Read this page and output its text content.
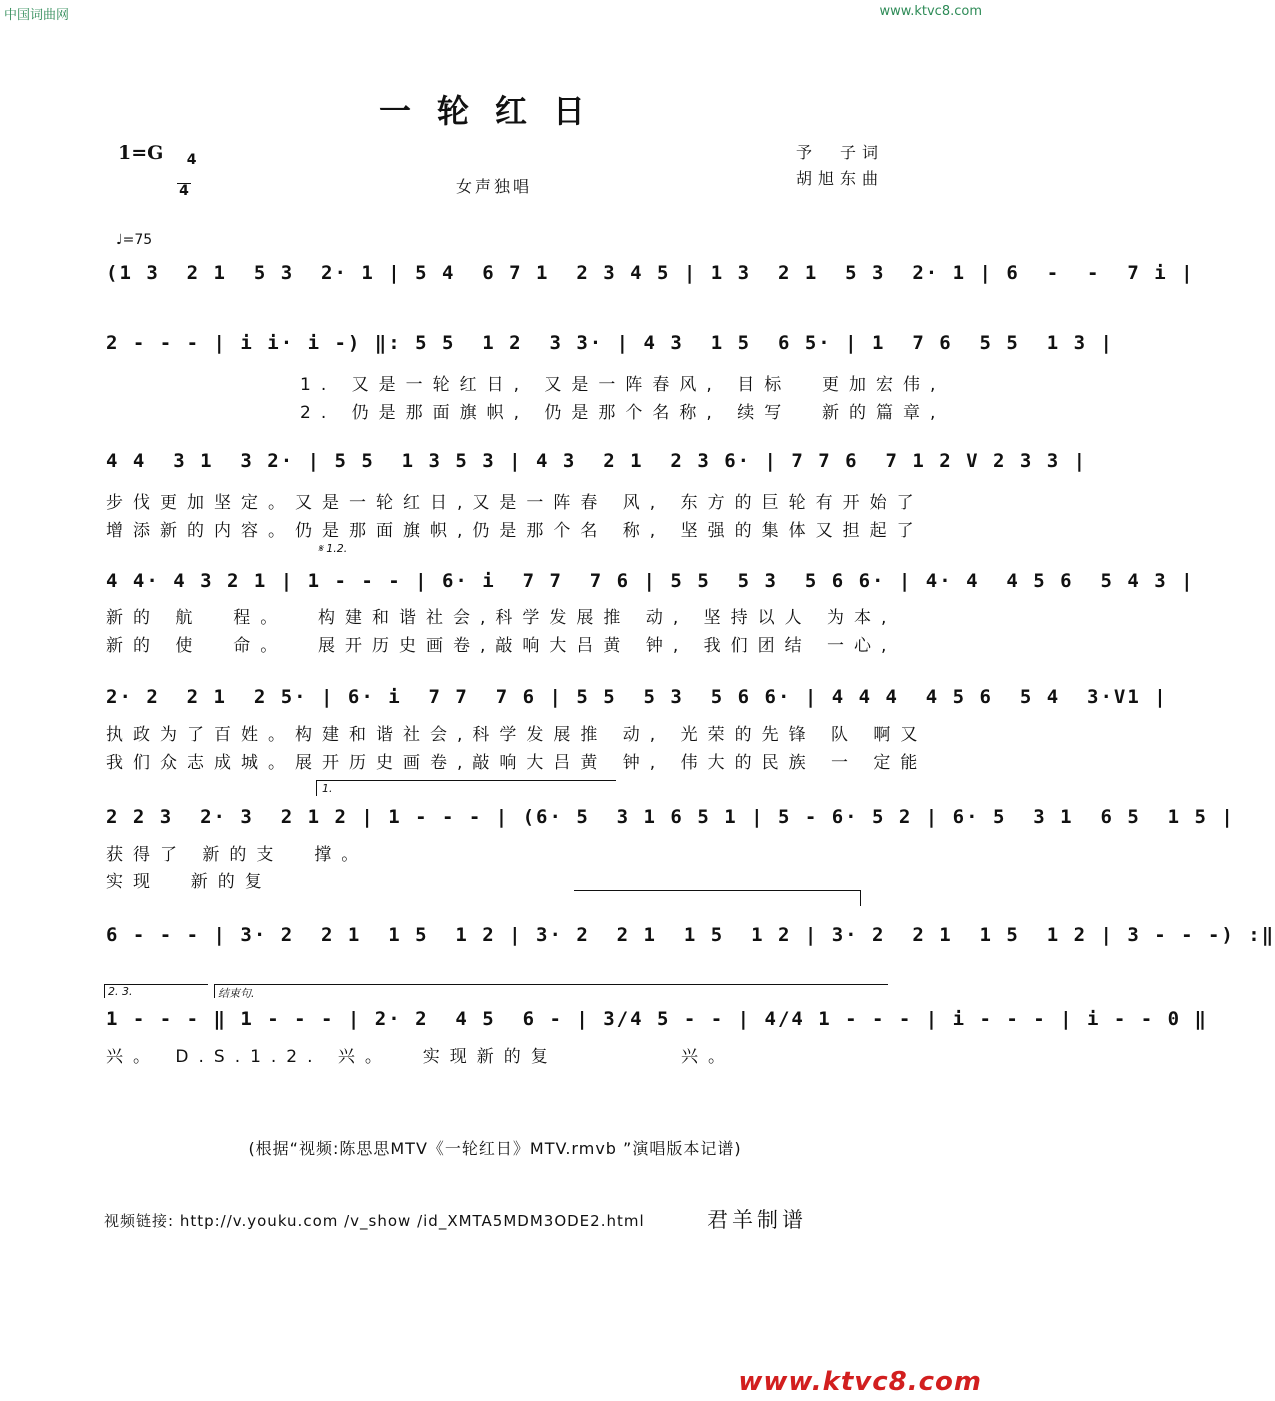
中国词曲网	www.ktvc8.com
一轮红日
1=G	4

4	女声独唱
予　子词
胡旭东曲
♩=75
(1 3  2 1  5 3  2· 1 | 5 4  6 7 1  2 3 4 5 | 1 3  2 1  5 3  2· 1 | 6  -  -  7 i |
2 - - - | i i· i -) ‖: 5 5  1 2  3 3· | 4 3  1 5  6 5· | 1  7 6  5 5  1 3 |
1. 又是一轮红日, 又是一阵春风, 目标  更加宏伟,
2. 仍是那面旗帜, 仍是那个名称, 续写  新的篇章,
4 4  3 1  3 2· | 5 5  1 3 5 3 | 4 3  2 1  2 3 6· | 7 7 6  7 1 2 V 2 3 3 |
步伐更加坚定。又是一轮红日,又是一阵春 风, 东方的巨轮有开始了
增添新的内容。仍是那面旗帜,仍是那个名 称, 坚强的集体又担起了
𝄋 1.2.
4 4· 4 3 2 1 | 1 - - - | 6· i  7 7  7 6 | 5 5  5 3  5 6 6· | 4· 4  4 5 6  5 4 3 |
新的 航  程。  构建和谐社会,科学发展推 动, 坚持以人 为本,
新的 使  命。  展开历史画卷,敲响大吕黄 钟, 我们团结 一心,
2· 2  2 1  2 5· | 6· i  7 7  7 6 | 5 5  5 3  5 6 6· | 4 4 4  4 5 6  5 4  3·V1 |
执政为了百姓。构建和谐社会,科学发展推 动, 光荣的先锋 队 啊又
我们众志成城。展开历史画卷,敲响大吕黄 钟, 伟大的民族 一 定能
1.
2 2 3  2· 3  2 1 2 | 1 - - - | (6· 5  3 1 6 5 1 | 5 - 6· 5 2 | 6· 5  3 1  6 5  1 5 |
获得了 新的支  撑。
实现  新的复
6 - - - | 3· 2  2 1  1 5  1 2 | 3· 2  2 1  1 5  1 2 | 3· 2  2 1  1 5  1 2 | 3 - - -) :‖
2. 3.	结束句.
1 - - - ‖ 1 - - - | 2· 2  4 5  6 - | 3/4 5 - - | 4/4 1 - - - | i - - - | i - - 0 ‖
兴。 D.S.1.2. 兴。  实现新的复        兴。
(根据“视频:陈思思MTV《一轮红日》MTV.rmvb ”演唱版本记谱)
视频链接: http://v.youku.com /v_show /id_XMTA5MDM3ODE2.html	君羊制谱
www.ktvc8.com
